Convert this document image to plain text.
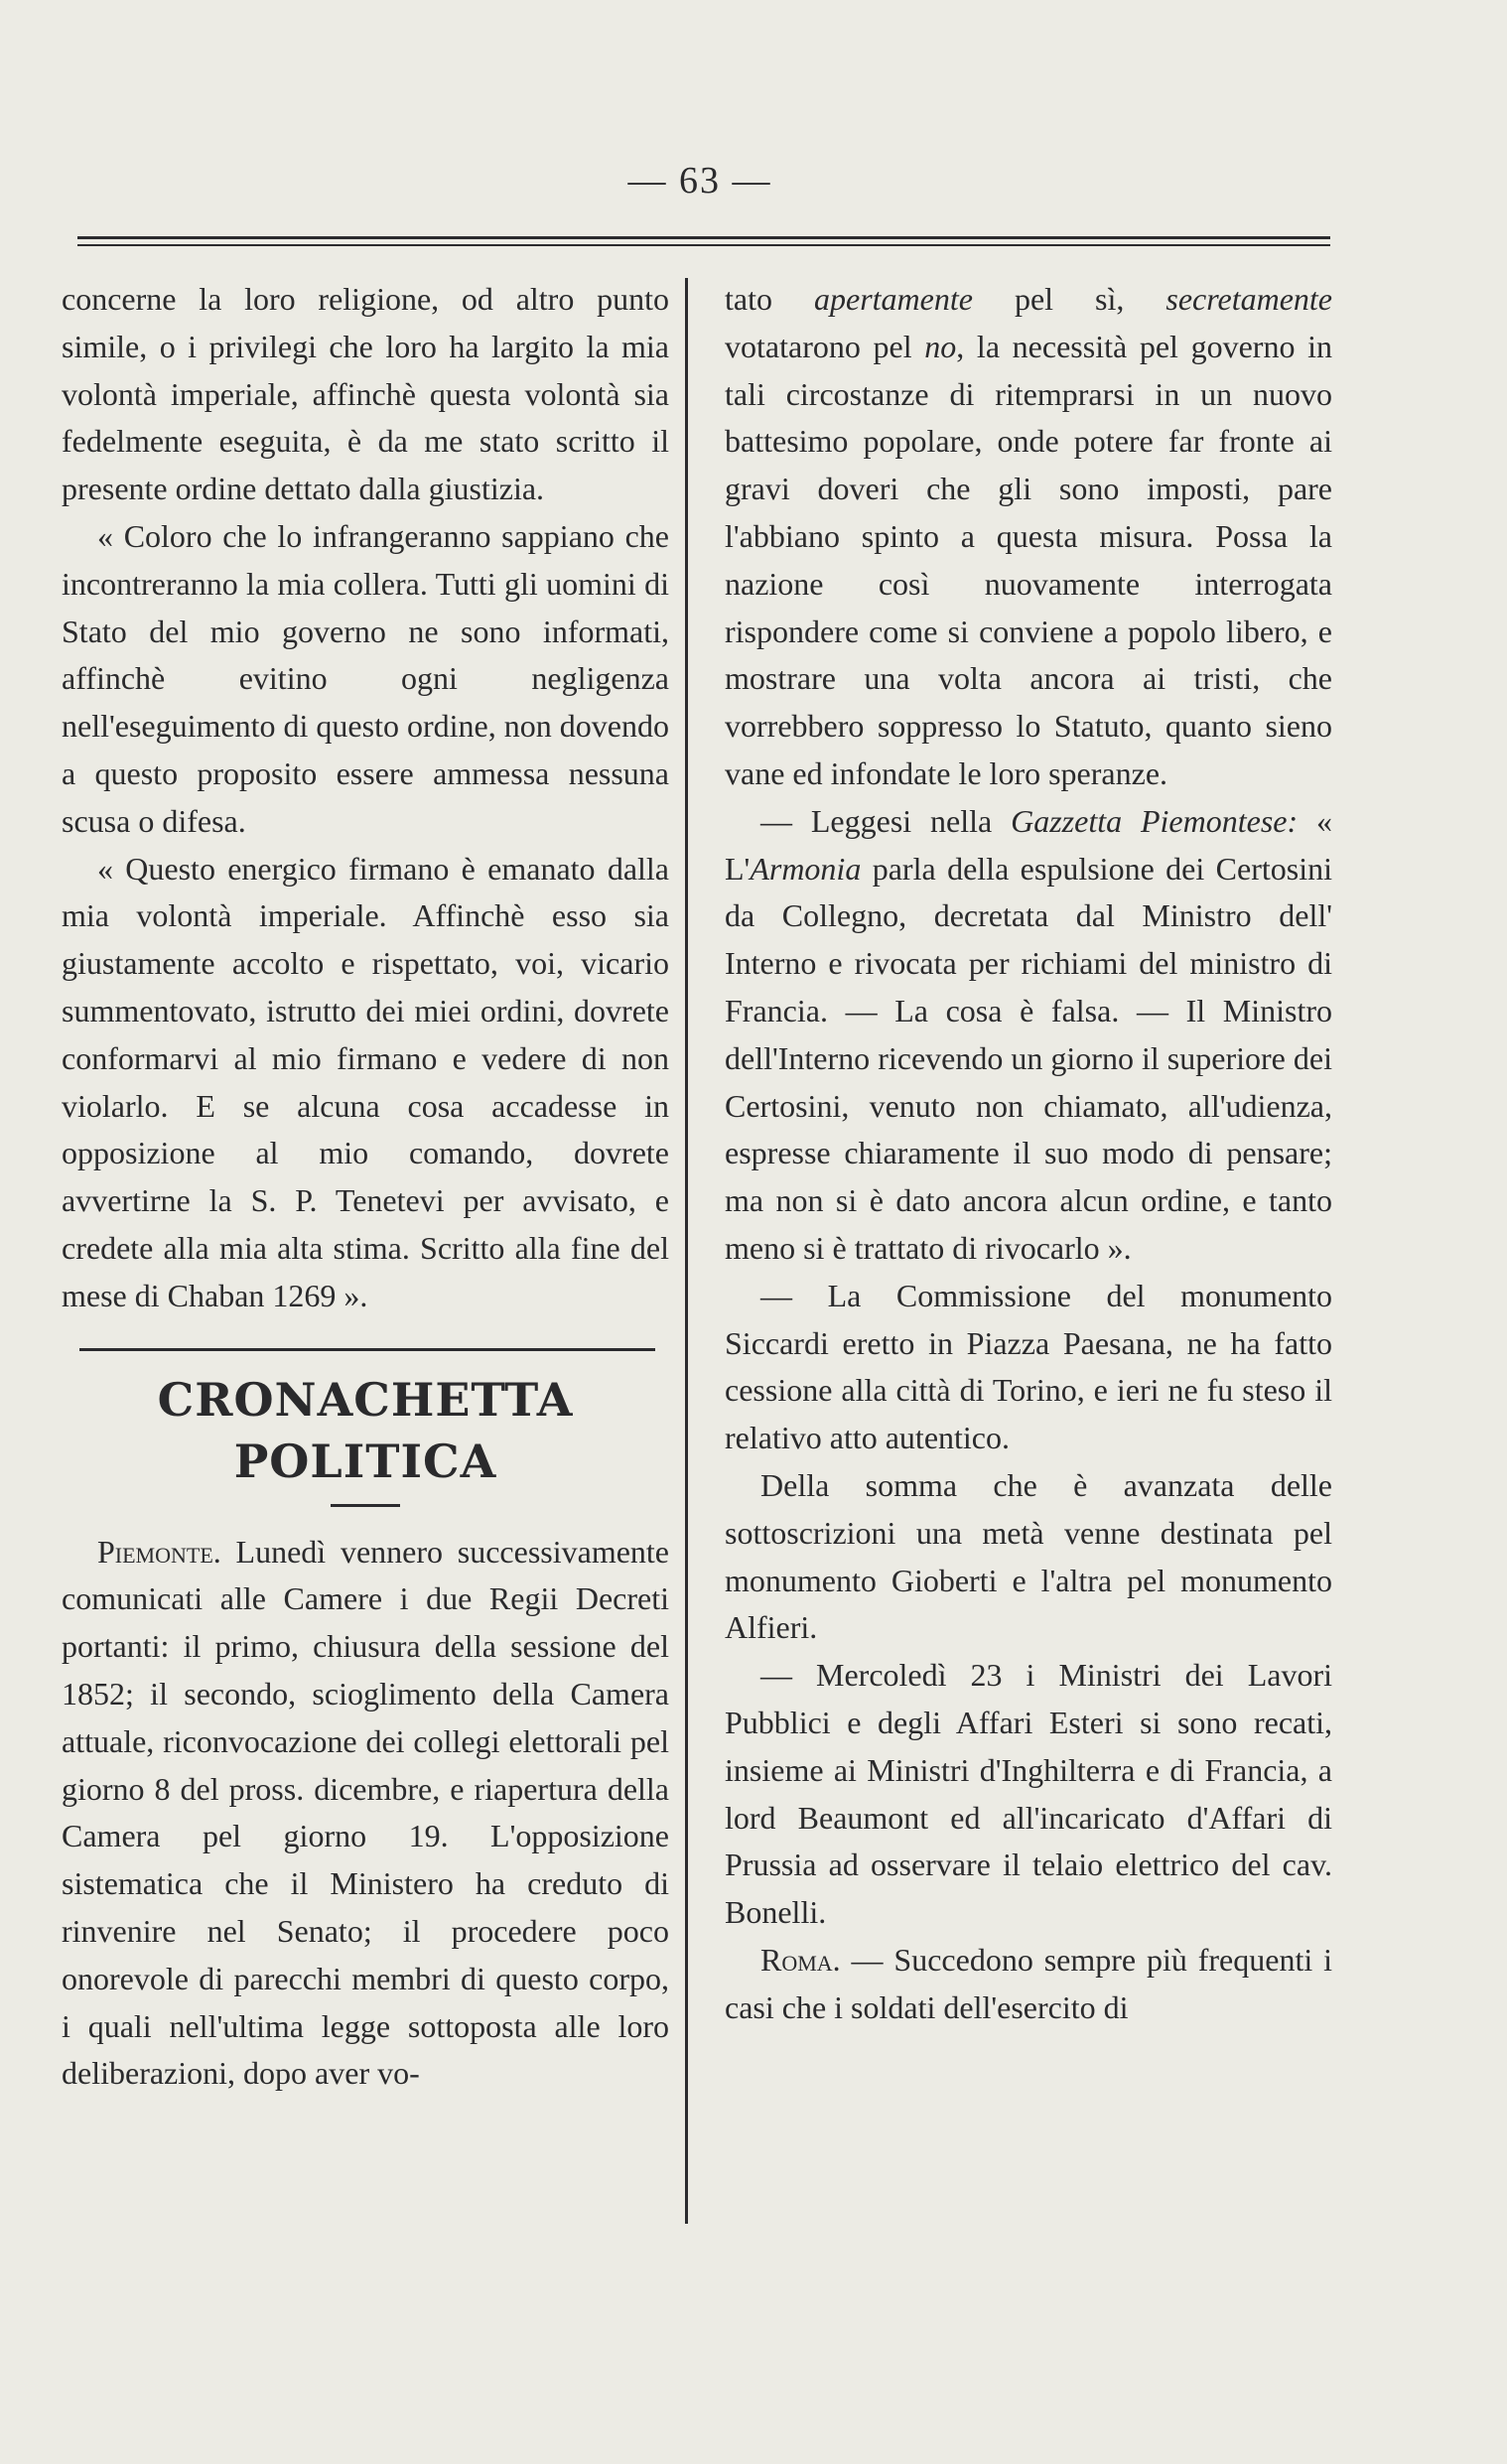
— 63 —

concerne la loro religione, od altro punto simile, o i privilegi che loro ha largito la mia volontà imperiale, affinchè questa volontà sia fedelmente eseguita, è da me stato scritto il presente ordine dettato dalla giustizia.

« Coloro che lo infrangeranno sappiano che incontreranno la mia collera. Tutti gli uomini di Stato del mio governo ne sono informati, affinchè evitino ogni negligenza nell'eseguimento di questo ordine, non dovendo a questo proposito essere ammessa nessuna scusa o difesa.

« Questo energico firmano è emanato dalla mia volontà imperiale. Affinchè esso sia giustamente accolto e rispettato, voi, vicario summentovato, istrutto dei miei ordini, dovrete conformarvi al mio firmano e vedere di non violarlo. E se alcuna cosa accadesse in opposizione al mio comando, dovrete avvertirne la S. P. Tenetevi per avvisato, e credete alla mia alta stima. Scritto alla fine del mese di Chaban 1269 ».

CRONACHETTA POLITICA

Piemonte. Lunedì vennero successivamente comunicati alle Camere i due Regii Decreti portanti: il primo, chiusura della sessione del 1852; il secondo, scioglimento della Camera attuale, riconvocazione dei collegi elettorali pel giorno 8 del pross. dicembre, e riapertura della Camera pel giorno 19. L'opposizione sistematica che il Ministero ha creduto di rinvenire nel Senato; il procedere poco onorevole di parecchi membri di questo corpo, i quali nell'ultima legge sottoposta alle loro deliberazioni, dopo aver vo-

tato apertamente pel sì, secretamente votatarono pel no, la necessità pel governo in tali circostanze di ritemprarsi in un nuovo battesimo popolare, onde potere far fronte ai gravi doveri che gli sono imposti, pare l'abbiano spinto a questa misura. Possa la nazione così nuovamente interrogata rispondere come si conviene a popolo libero, e mostrare una volta ancora ai tristi, che vorrebbero soppresso lo Statuto, quanto sieno vane ed infondate le loro speranze.

— Leggesi nella Gazzetta Piemontese: « L'Armonia parla della espulsione dei Certosini da Collegno, decretata dal Ministro dell' Interno e rivocata per richiami del ministro di Francia. — La cosa è falsa. — Il Ministro dell'Interno ricevendo un giorno il superiore dei Certosini, venuto non chiamato, all'udienza, espresse chiaramente il suo modo di pensare; ma non si è dato ancora alcun ordine, e tanto meno si è trattato di rivocarlo ».

— La Commissione del monumento Siccardi eretto in Piazza Paesana, ne ha fatto cessione alla città di Torino, e ieri ne fu steso il relativo atto autentico.

Della somma che è avanzata delle sottoscrizioni una metà venne destinata pel monumento Gioberti e l'altra pel monumento Alfieri.

— Mercoledì 23 i Ministri dei Lavori Pubblici e degli Affari Esteri si sono recati, insieme ai Ministri d'Inghilterra e di Francia, a lord Beaumont ed all'incaricato d'Affari di Prussia ad osservare il telaio elettrico del cav. Bonelli.

Roma. — Succedono sempre più frequenti i casi che i soldati dell'esercito di
